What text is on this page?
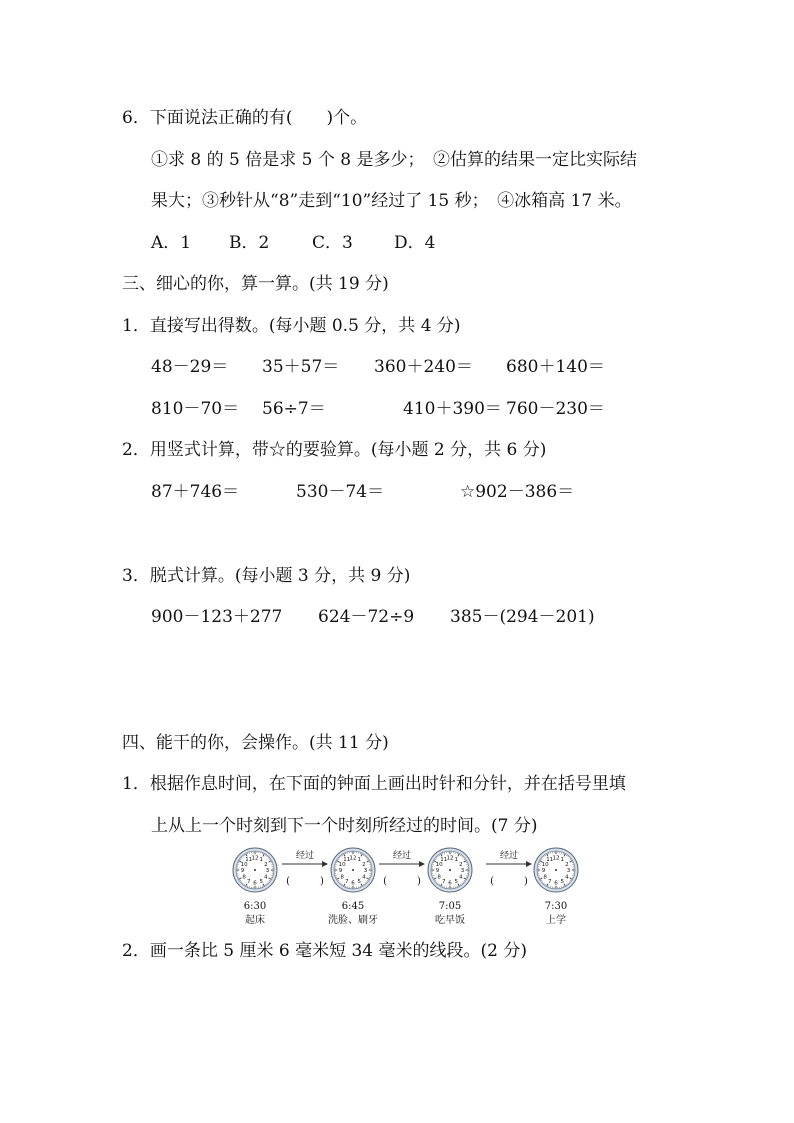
6．下面说法正确的有(　　)个。
①求 8 的 5 倍是求 5 个 8 是多少；　②估算的结果一定比实际结
果大；③秒针从“8”走到“10”经过了 15 秒；　④冰箱高 17 米。
A．1 B．2	C．3 D．4
三、细心的你，算一算。(共 19 分)
1．直接写出得数。(每小题 0.5 分，共 4 分)
48－29＝ 35＋57＝ 360＋240＝ 680＋140＝
810－70＝ 56÷7＝	410＋390＝ 760－230＝
2．用竖式计算，带☆的要验算。(每小题 2 分，共 6 分)
87＋746＝	530－74＝	☆902－386＝
3．脱式计算。(每小题 3 分，共 9 分)
900－123＋277 624－72÷9 385－(294－201)
四、能干的你，会操作。(共 11 分)
1．根据作息时间，在下面的钟面上画出时针和分针，并在括号里填
上从上一个时刻到下一个时刻所经过的时间。(7 分)
12 1
2
3
4
5
6
7
8
9
10
11	经过
(　　　)
12 1
2
3
4
5
6
7
8
9
10
11	经过
(　　　)
12 1
2
3
4
5
6
7
8
9
10
11	经过
(　　　)
12 1
2
3
4
5
6
7
8
9
10
11
6:30
起床
6:45
洗脸、刷牙
7:05
吃早饭
7:30
上学
2．画一条比 5 厘米 6 毫米短 34 毫米的线段。(2 分)
